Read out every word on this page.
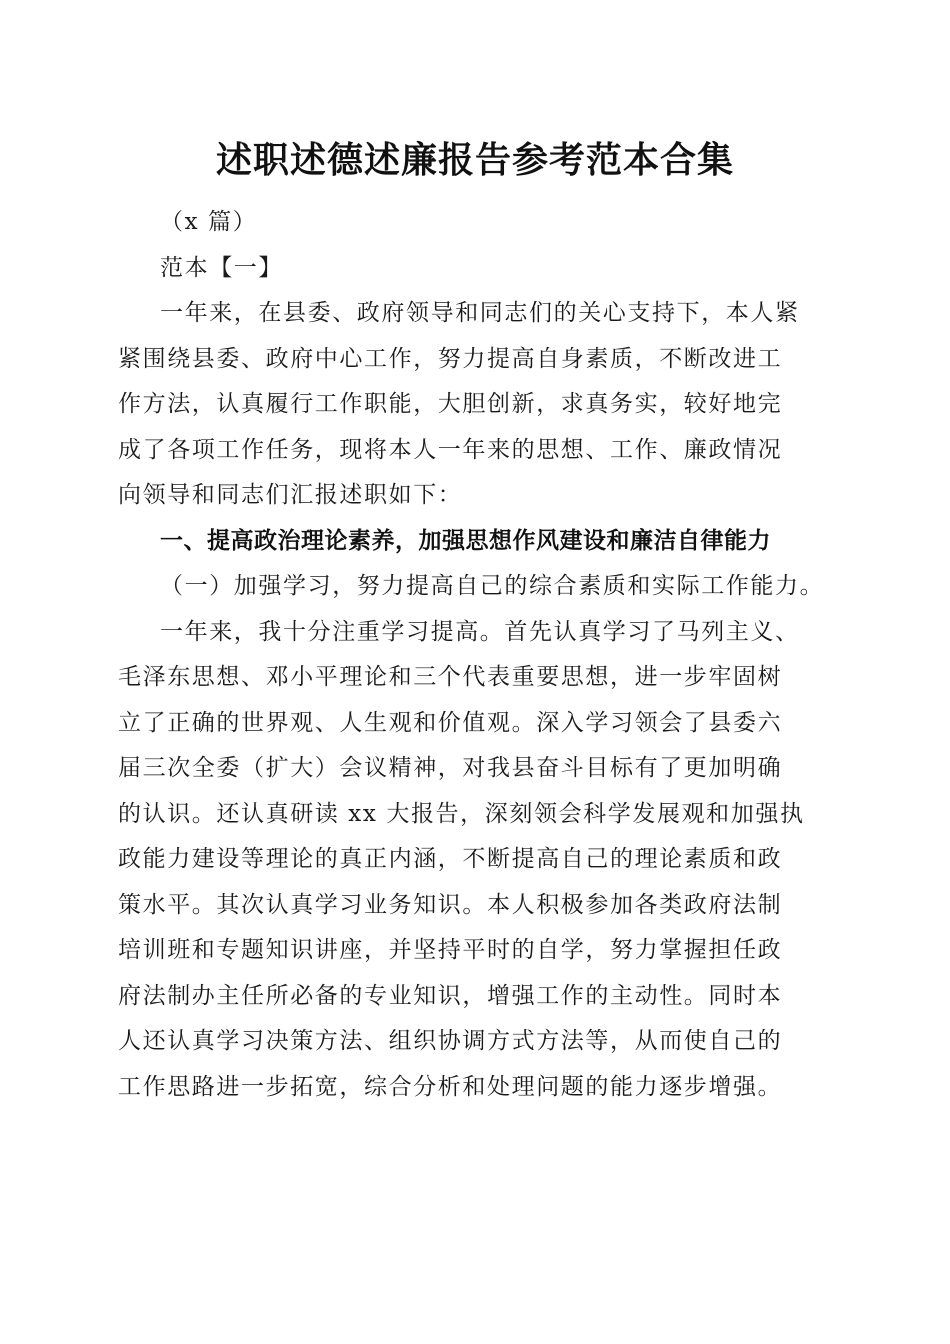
述职述德述廉报告参考范本合集

（x 篇）

范本【一】

一年来，在县委、政府领导和同志们的关心支持下，本人紧

紧围绕县委、政府中心工作，努力提高自身素质，不断改进工

作方法，认真履行工作职能，大胆创新，求真务实，较好地完

成了各项工作任务，现将本人一年来的思想、工作、廉政情况

向领导和同志们汇报述职如下：

一、提高政治理论素养，加强思想作风建设和廉洁自律能力

（一）加强学习，努力提高自己的综合素质和实际工作能力。

一年来，我十分注重学习提高。首先认真学习了马列主义、

毛泽东思想、邓小平理论和三个代表重要思想，进一步牢固树

立了正确的世界观、人生观和价值观。深入学习领会了县委六

届三次全委（扩大）会议精神，对我县奋斗目标有了更加明确

的认识。还认真研读 xx 大报告，深刻领会科学发展观和加强执

政能力建设等理论的真正内涵，不断提高自己的理论素质和政

策水平。其次认真学习业务知识。本人积极参加各类政府法制

培训班和专题知识讲座，并坚持平时的自学，努力掌握担任政

府法制办主任所必备的专业知识，增强工作的主动性。同时本

人还认真学习决策方法、组织协调方式方法等，从而使自己的

工作思路进一步拓宽，综合分析和处理问题的能力逐步增强。
